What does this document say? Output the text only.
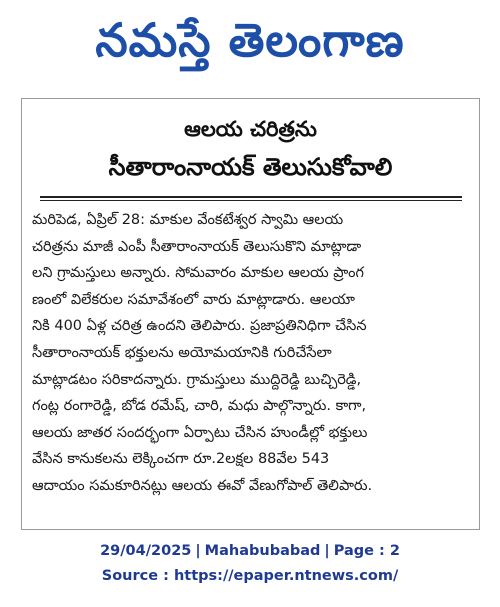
నమస్తే తెలంగాణ
ఆలయ చరిత్రను
సీతారాంనాయక్‌ తెలుసుకోవాలి
మరిపెడ, ఏప్రిల్ 28: మాకుల వేంకటేశ్వర స్వామి ఆలయ
చరిత్రను మాజీ ఎంపీ సీతారాంనాయక్ తెలుసుకొని మాట్లాడా
లని గ్రామస్తులు అన్నారు. సోమవారం మాకుల ఆలయ ప్రాంగ
ణంలో విలేకరుల సమావేశంలో వారు మాట్లాడారు. ఆలయా
నికి 400 ఏళ్ల చరిత్ర ఉందని తెలిపారు. ప్రజాప్రతినిధిగా చేసిన
సీతారాంనాయక్ భక్తులను అయోమయానికి గురిచేసేలా
మాట్లాడటం సరికాదన్నారు. గ్రామస్తులు ముద్దిరెడ్డి బుచ్చిరెడ్డి,
గంట్ల రంగారెడ్డి, బోడ రమేష్, చారి, మధు పాల్గొన్నారు. కాగా,
ఆలయ జాతర సందర్భంగా ఏర్పాటు చేసిన హుండీల్లో భక్తులు
వేసిన కానుకలను లెక్కించగా రూ.2లక్షల 88వేల 543
ఆదాయం సమకూరినట్లు ఆలయ ఈవో వేణుగోపాల్ తెలిపారు.
29/04/2025 | Mahabubabad | Page : 2
Source : https://epaper.ntnews.com/
